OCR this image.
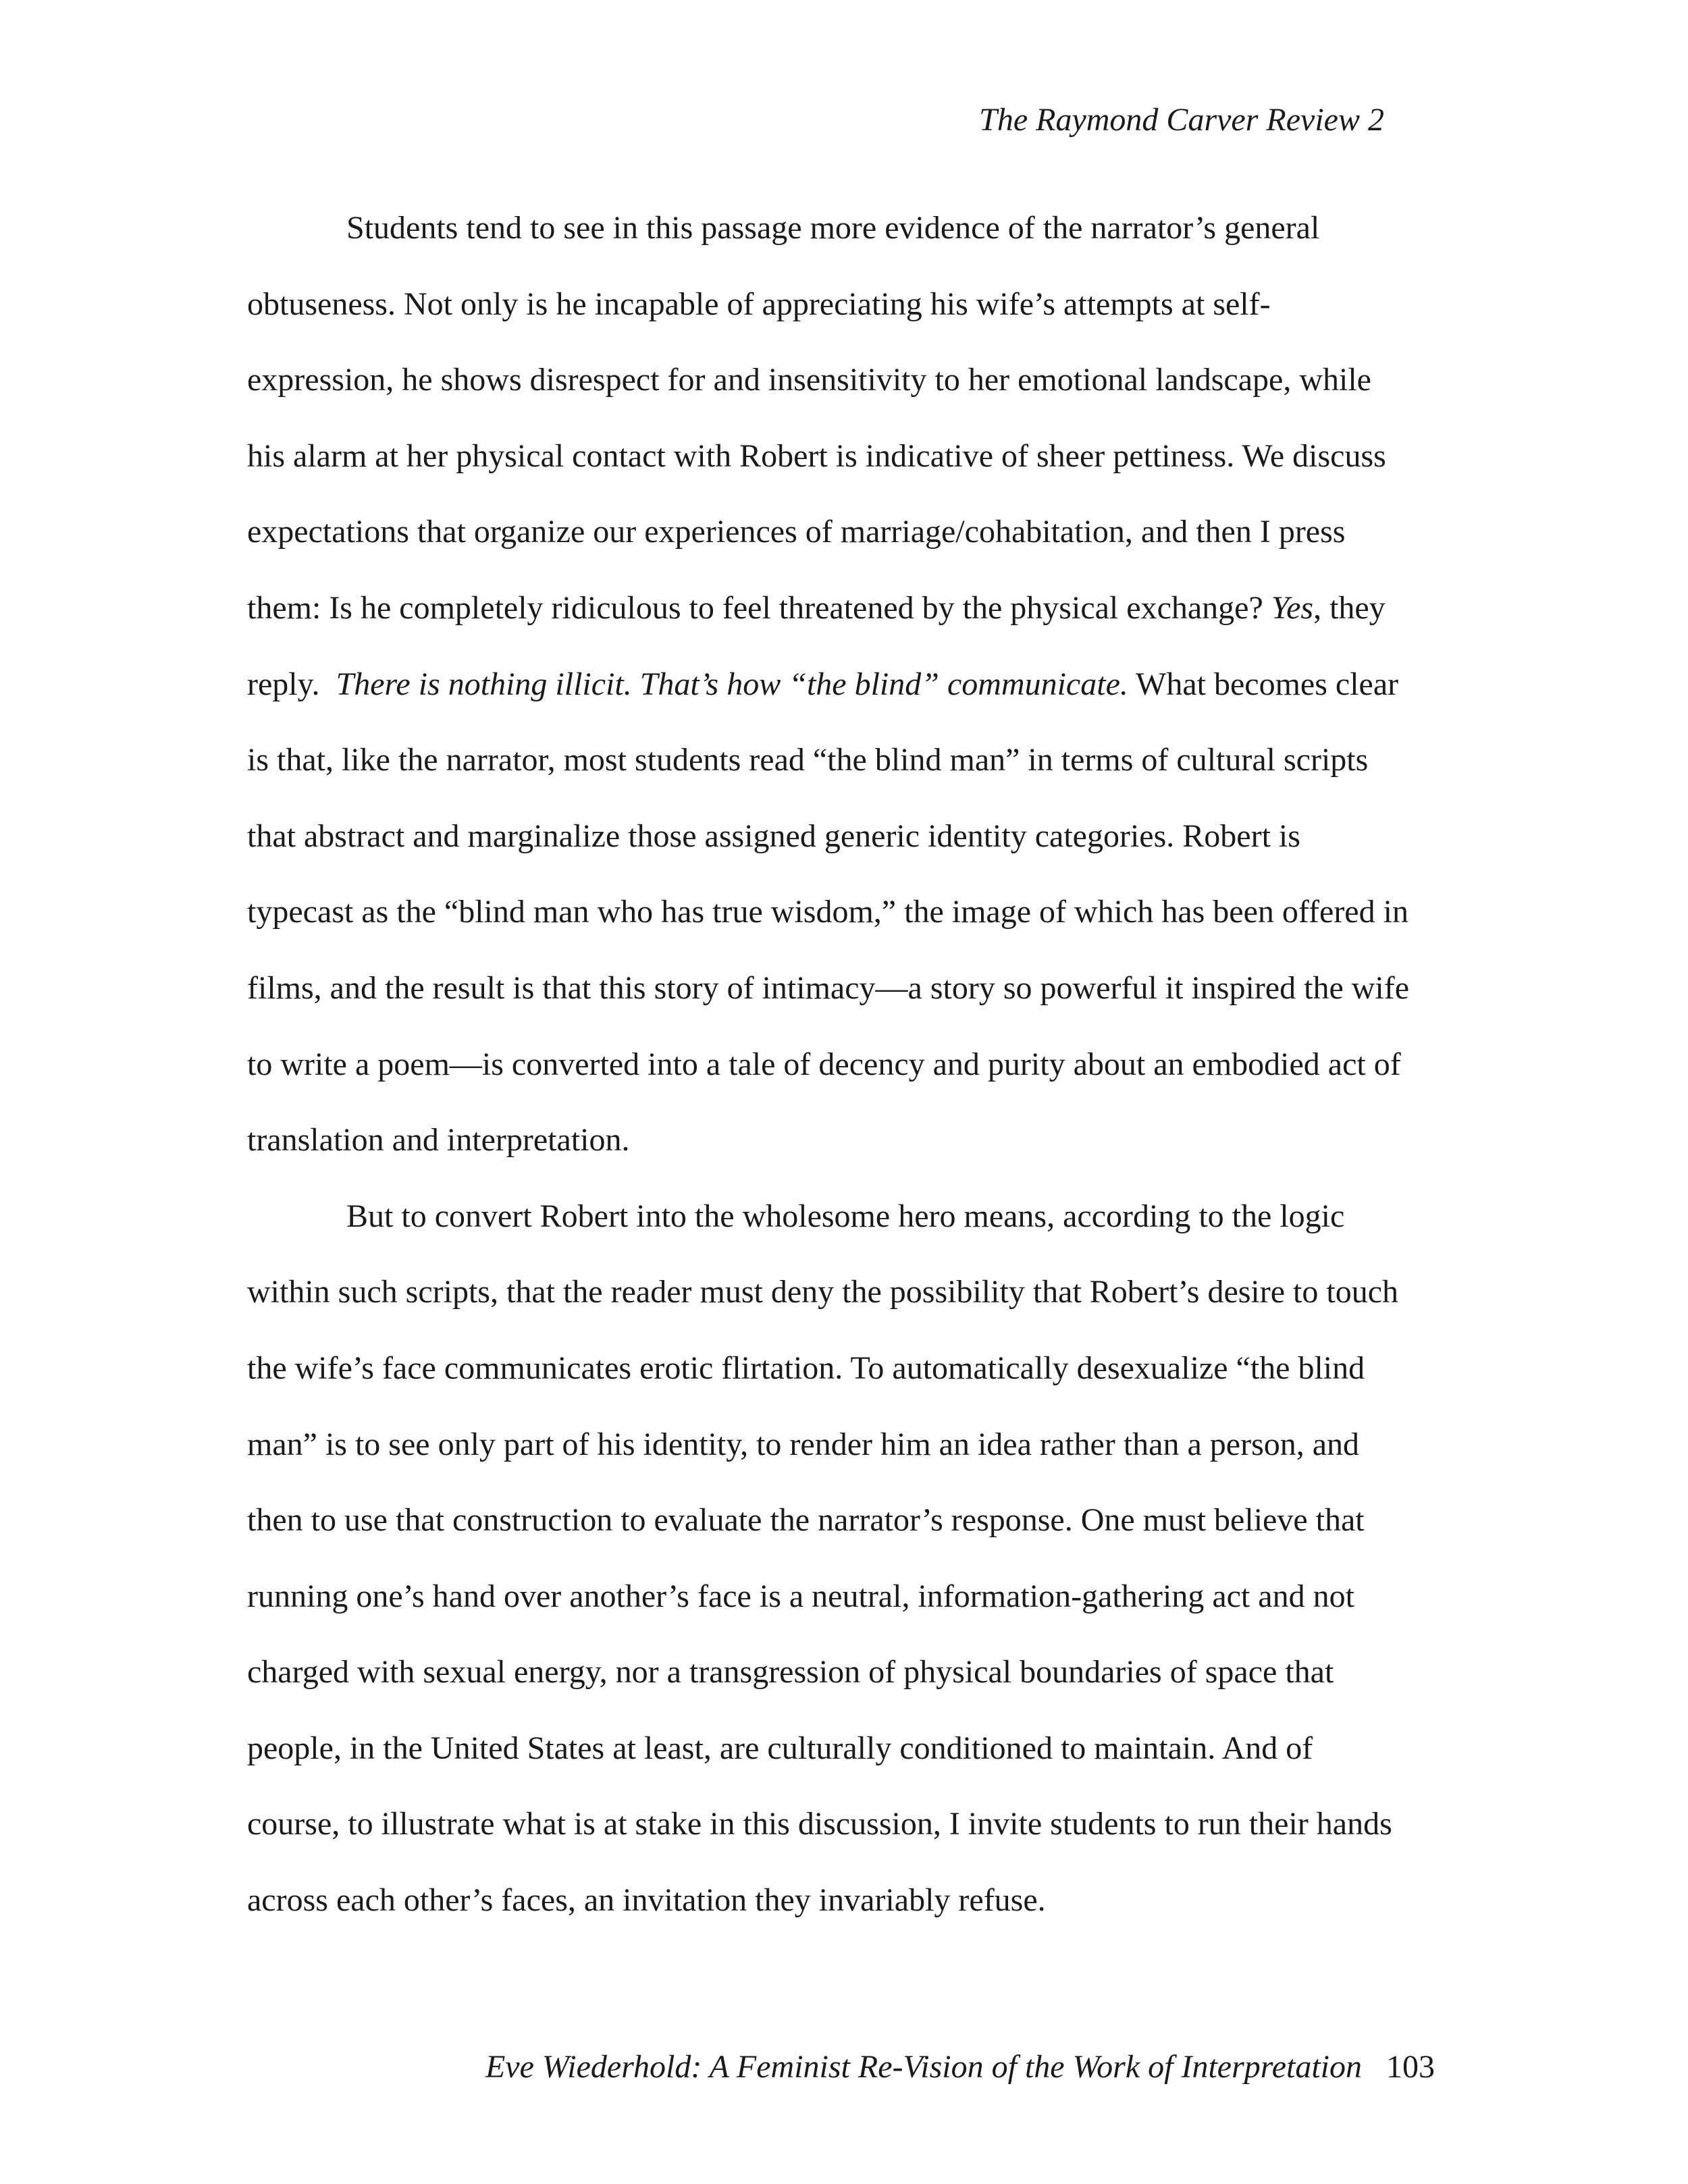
The Raymond Carver Review 2
Students tend to see in this passage more evidence of the narrator’s general
obtuseness. Not only is he incapable of appreciating his wife’s attempts at self-
expression, he shows disrespect for and insensitivity to her emotional landscape, while
his alarm at her physical contact with Robert is indicative of sheer pettiness. We discuss
expectations that organize our experiences of marriage/cohabitation, and then I press
them: Is he completely ridiculous to feel threatened by the physical exchange? Yes, they
reply.  There is nothing illicit. That’s how “the blind” communicate. What becomes clear
is that, like the narrator, most students read “the blind man” in terms of cultural scripts
that abstract and marginalize those assigned generic identity categories. Robert is
typecast as the “blind man who has true wisdom,” the image of which has been offered in
films, and the result is that this story of intimacy—a story so powerful it inspired the wife
to write a poem—is converted into a tale of decency and purity about an embodied act of
translation and interpretation.
But to convert Robert into the wholesome hero means, according to the logic
within such scripts, that the reader must deny the possibility that Robert’s desire to touch
the wife’s face communicates erotic flirtation. To automatically desexualize “the blind
man” is to see only part of his identity, to render him an idea rather than a person, and
then to use that construction to evaluate the narrator’s response. One must believe that
running one’s hand over another’s face is a neutral, information-gathering act and not
charged with sexual energy, nor a transgression of physical boundaries of space that
people, in the United States at least, are culturally conditioned to maintain. And of
course, to illustrate what is at stake in this discussion, I invite students to run their hands
across each other’s faces, an invitation they invariably refuse.
Eve Wiederhold: A Feminist Re-Vision of the Work of Interpretation 103
